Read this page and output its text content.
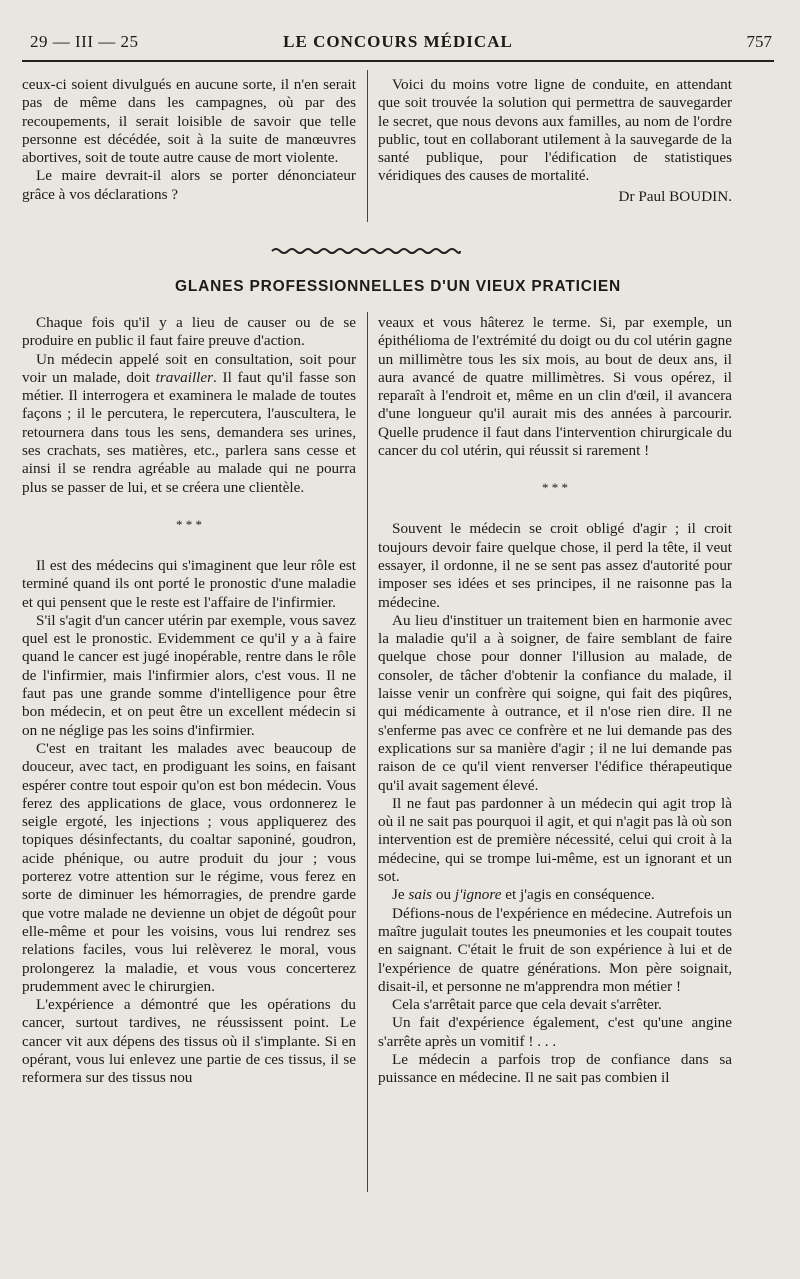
29 — III — 25	LE CONCOURS MÉDICAL	757

ceux-ci soient divulgués en aucune sorte, il n'en serait pas de même dans les campagnes, où par des recoupements, il serait loisible de savoir que telle personne est décédée, soit à la suite de manœuvres abortives, soit de toute autre cause de mort violente.

Le maire devrait-il alors se porter dénonciateur grâce à vos déclarations ?

Voici du moins votre ligne de conduite, en attendant que soit trouvée la solution qui permettra de sauvegarder le secret, que nous devons aux familles, au nom de l'ordre public, tout en collaborant utilement à la sauvegarde de la santé publique, pour l'édification de statistiques véridiques des causes de mortalité.

Dr Paul BOUDIN.

GLANES PROFESSIONNELLES D'UN VIEUX PRATICIEN

Chaque fois qu'il y a lieu de causer ou de se produire en public il faut faire preuve d'action.

Un médecin appelé soit en consultation, soit pour voir un malade, doit travailler. Il faut qu'il fasse son métier. Il interrogera et examinera le malade de toutes façons ; il le percutera, le repercutera, l'auscultera, le retournera dans tous les sens, demandera ses urines, ses crachats, ses matières, etc., parlera sans cesse et ainsi il se rendra agréable au malade qui ne pourra plus se passer de lui, et se créera une clientèle.

* * *

Il est des médecins qui s'imaginent que leur rôle est terminé quand ils ont porté le pronostic d'une maladie et qui pensent que le reste est l'affaire de l'infirmier.

S'il s'agit d'un cancer utérin par exemple, vous savez quel est le pronostic. Evidemment ce qu'il y a à faire quand le cancer est jugé inopérable, rentre dans le rôle de l'infirmier, mais l'infirmier alors, c'est vous. Il ne faut pas une grande somme d'intelligence pour être bon médecin, et on peut être un excellent médecin si on ne néglige pas les soins d'infirmier.

C'est en traitant les malades avec beaucoup de douceur, avec tact, en prodiguant les soins, en faisant espérer contre tout espoir qu'on est bon médecin. Vous ferez des applications de glace, vous ordonnerez le seigle ergoté, les injections ; vous appliquerez des topiques désinfectants, du coaltar saponiné, goudron, acide phénique, ou autre produit du jour ; vous porterez votre attention sur le régime, vous ferez en sorte de diminuer les hémorragies, de prendre garde que votre malade ne devienne un objet de dégoût pour elle-même et pour les voisins, vous lui rendrez ses relations faciles, vous lui relèverez le moral, vous prolongerez la maladie, et vous vous concerterez prudemment avec le chirurgien.

L'expérience a démontré que les opérations du cancer, surtout tardives, ne réussissent point. Le cancer vit aux dépens des tissus où il s'implante. Si en opérant, vous lui enlevez une partie de ces tissus, il se reformera sur des tissus nou

veaux et vous hâterez le terme. Si, par exemple, un épithélioma de l'extrémité du doigt ou du col utérin gagne un millimètre tous les six mois, au bout de deux ans, il aura avancé de quatre millimètres. Si vous opérez, il reparaît à l'endroit et, même en un clin d'œil, il avancera d'une longueur qu'il aurait mis des années à parcourir. Quelle prudence il faut dans l'intervention chirurgicale du cancer du col utérin, qui réussit si rarement !

* * *

Souvent le médecin se croit obligé d'agir ; il croit toujours devoir faire quelque chose, il perd la tête, il veut essayer, il ordonne, il ne se sent pas assez d'autorité pour imposer ses idées et ses principes, il ne raisonne pas la médecine.

Au lieu d'instituer un traitement bien en harmonie avec la maladie qu'il a à soigner, de faire semblant de faire quelque chose pour donner l'illusion au malade, de consoler, de tâcher d'obtenir la confiance du malade, il laisse venir un confrère qui soigne, qui fait des piqûres, qui médicamente à outrance, et il n'ose rien dire. Il ne s'enferme pas avec ce confrère et ne lui demande pas des explications sur sa manière d'agir ; il ne lui demande pas raison de ce qu'il vient renverser l'édifice thérapeutique qu'il avait sagement élevé.

Il ne faut pas pardonner à un médecin qui agit trop là où il ne sait pas pourquoi il agit, et qui n'agit pas là où son intervention est de première nécessité, celui qui croit à la médecine, qui se trompe lui-même, est un ignorant et un sot.

Je sais ou j'ignore et j'agis en conséquence.

Défions-nous de l'expérience en médecine. Autrefois un maître jugulait toutes les pneumonies et les coupait toutes en saignant. C'était le fruit de son expérience à lui et de l'expérience de quatre générations. Mon père soignait, disait-il, et personne ne m'apprendra mon métier !

Cela s'arrêtait parce que cela devait s'arrêter.

Un fait d'expérience également, c'est qu'une angine s'arrête après un vomitif ! . . .

Le médecin a parfois trop de confiance dans sa puissance en médecine. Il ne sait pas combien il
